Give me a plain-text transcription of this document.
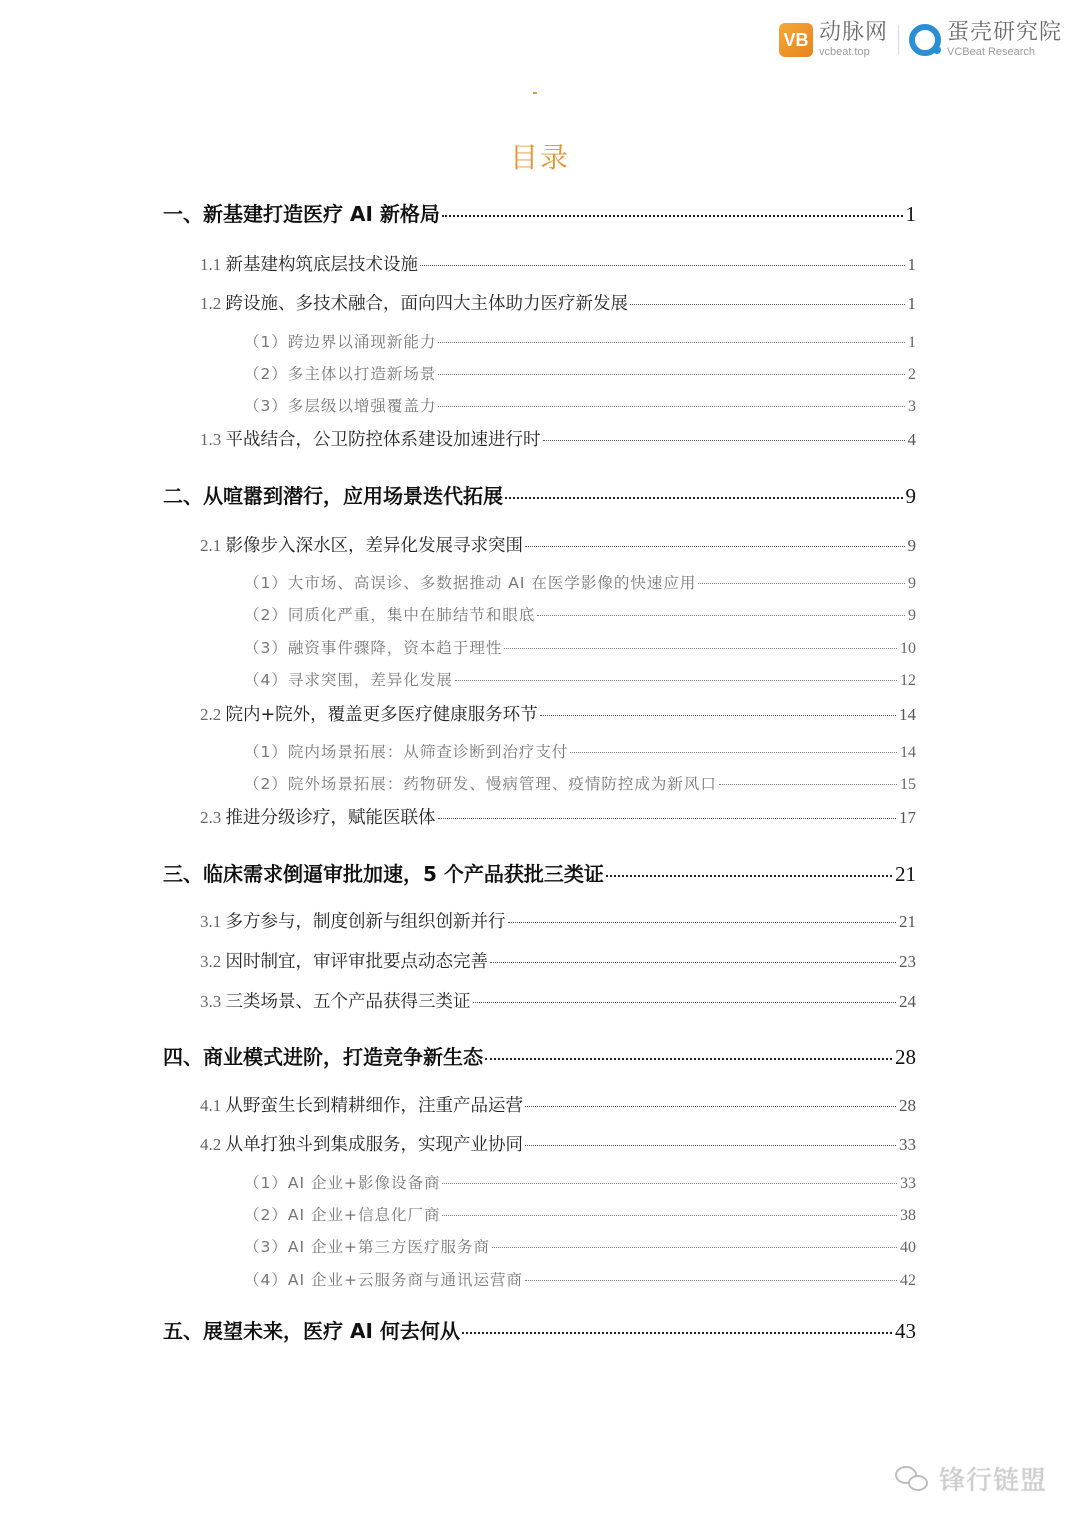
VB 动脉网
vcbeat.top
蛋壳研究院
VCBeat Research
目录
一、 新基建打造医疗 AI 新格局	1
1.1 新基建构筑底层技术设施	1
1.2 跨设施、多技术融合，面向四大主体助力医疗新发展	1
（1） 跨边界以涌现新能力	1
（2） 多主体以打造新场景	2
（3） 多层级以增强覆盖力	3
1.3 平战结合，公卫防控体系建设加速进行时	4
二、 从喧嚣到潜行，应用场景迭代拓展	9
2.1 影像步入深水区，差异化发展寻求突围	9
（1） 大市场、高误诊、多数据推动 AI 在医学影像的快速应用	9
（2） 同质化严重，集中在肺结节和眼底	9
（3） 融资事件骤降，资本趋于理性	10
（4） 寻求突围，差异化发展	12
2.2 院内+院外，覆盖更多医疗健康服务环节	14
（1） 院内场景拓展：从筛查诊断到治疗支付	14
（2） 院外场景拓展：药物研发、慢病管理、疫情防控成为新风口	15
2.3 推进分级诊疗，赋能医联体	17
三、 临床需求倒逼审批加速，5 个产品获批三类证	21
3.1 多方参与，制度创新与组织创新并行	21
3.2 因时制宜，审评审批要点动态完善	23
3.3 三类场景、五个产品获得三类证	24
四、 商业模式进阶，打造竞争新生态	28
4.1 从野蛮生长到精耕细作，注重产品运营	28
4.2 从单打独斗到集成服务，实现产业协同	33
（1） AI 企业+影像设备商	33
（2） AI 企业+信息化厂商	38
（3） AI 企业+第三方医疗服务商	40
（4） AI 企业+云服务商与通讯运营商	42
五、 展望未来，医疗 AI 何去何从	43
锋行链盟
